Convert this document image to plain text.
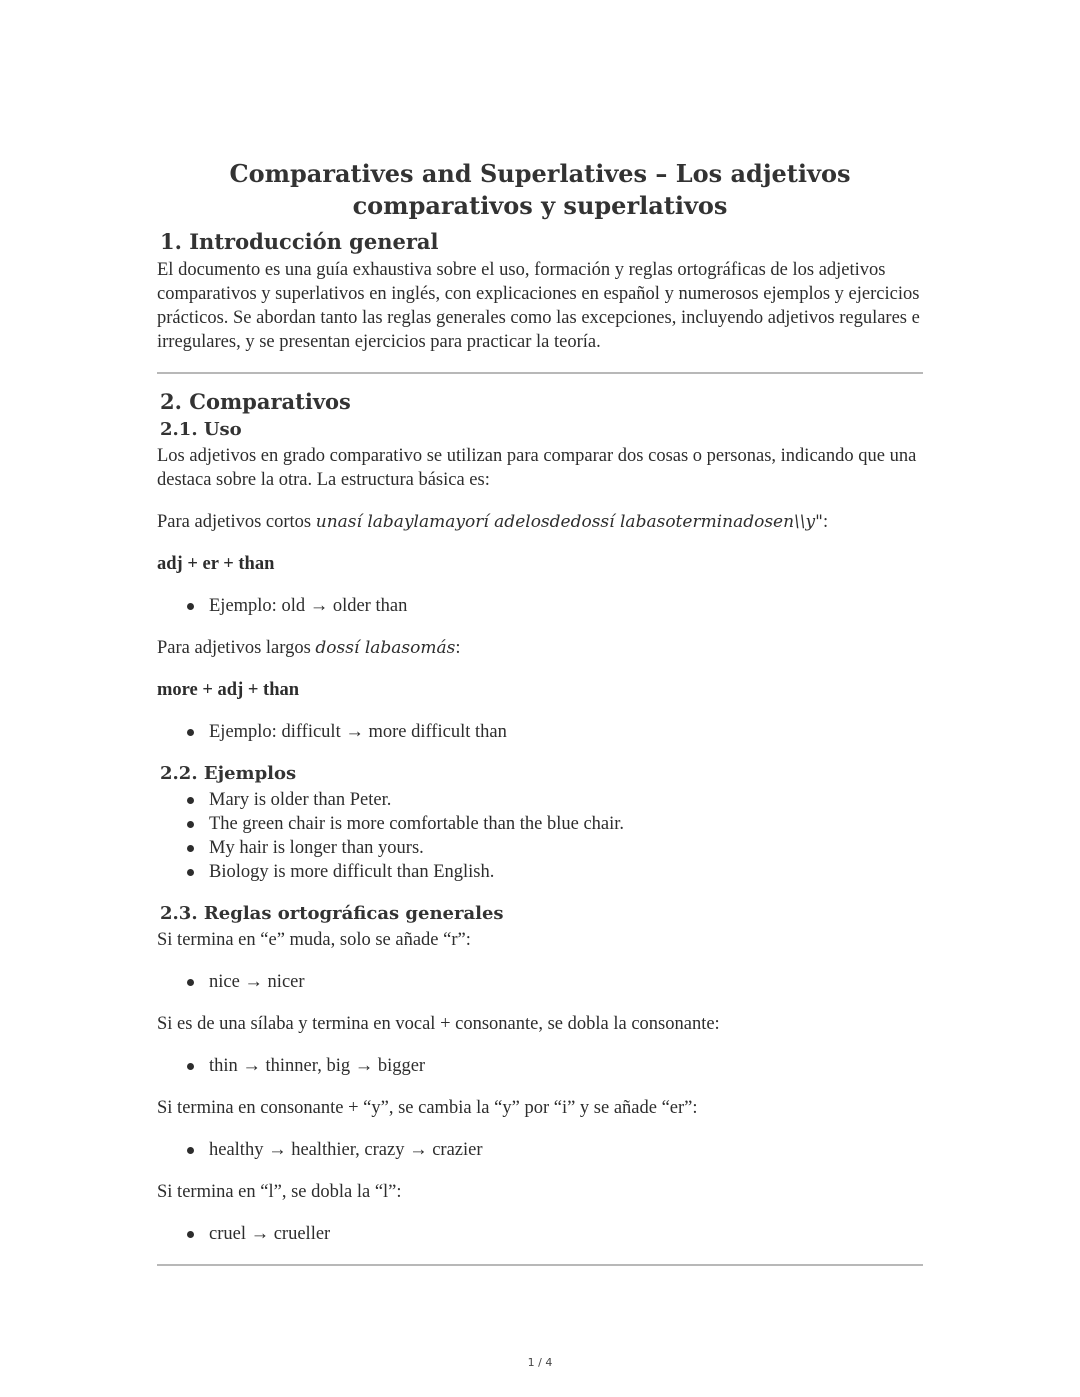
Comparatives and Superlatives – Los adjetivos comparativos y superlativos
1. Introducción general

El documento es una guía exhaustiva sobre el uso, formación y reglas ortográficas de los adjetivos comparativos y superlativos en inglés, con explicaciones en español y numerosos ejemplos y ejercicios prácticos. Se abordan tanto las reglas generales como las excepciones, incluyendo adjetivos regulares e irregulares, y se presentan ejercicios para practicar la teoría.

2. Comparativos
2.1. Uso

Los adjetivos en grado comparativo se utilizan para comparar dos cosas o personas, indicando que una destaca sobre la otra. La estructura básica es:

Para adjetivos cortos unasí labaylamayorí adelosdedossí labasoterminadosen\\y":

adj + er + than

Ejemplo: old → older than

Para adjetivos largos dossí labasomás:

more + adj + than

Ejemplo: difficult → more difficult than
2.2. Ejemplos
Mary is older than Peter.
The green chair is more comfortable than the blue chair.
My hair is longer than yours.
Biology is more difficult than English.
2.3. Reglas ortográficas generales

Si termina en “e” muda, solo se añade “r”:

nice → nicer

Si es de una sílaba y termina en vocal + consonante, se dobla la consonante:

thin → thinner, big → bigger

Si termina en consonante + “y”, se cambia la “y” por “i” y se añade “er”:

healthy → healthier, crazy → crazier

Si termina en “l”, se dobla la “l”:

cruel → crueller
1 / 4
